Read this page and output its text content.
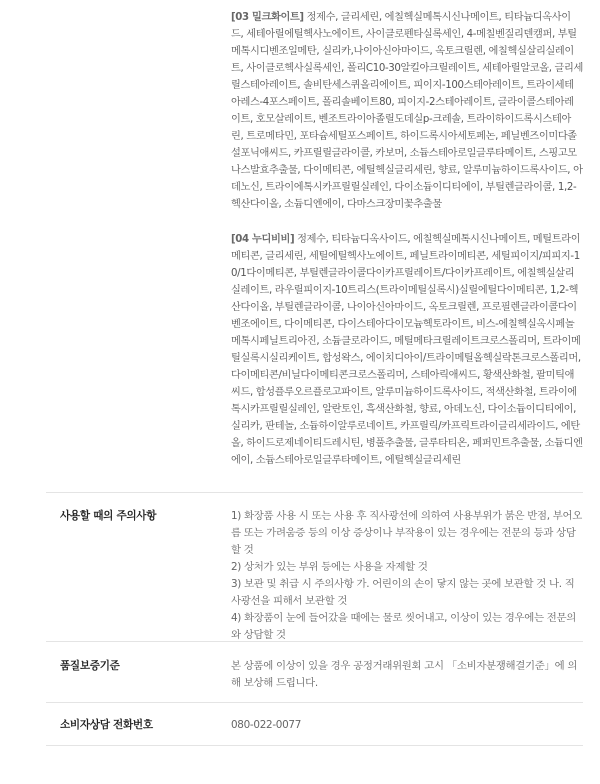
[03 밀크화이트] 정제수, 글리세린, 에칠헥실메톡시신나메이트, 티타늄디옥사이드, 세테아릴에틸헥사노에이트, 사이클로펜타실록세인, 4-메칠벤질리덴캠퍼, 부틸메톡시디벤조일메탄, 실리카,나이아신아마이드, 옥토크릴렌, 에칠헥실살리실레이트, 사이클로헥사실록세인, 폴리C10-30알킬아크릴레이트, 세테아릴알코올, 글리세릴스테아레이트, 솔비탄세스퀴올리에이트, 피이지-100스테아레이트, 트라이세테아레스-4포스페이트, 폴리솔베이트80, 피이지-2스테아레이트, 글라이콜스테아레이트, 호모살레이트, 벤조트라이아졸릴도데실p-크레솔, 트라이하이드록시스테아린, 트로메타민, 포타슘세틸포스페이트, 하이드록시아세토페논, 페닐벤즈이미다졸설포닉애씨드, 카프릴릴글라이콜, 카보머, 소듐스테아로일글루타메이트, 스핑고모나스발효추출물, 다이메티콘, 에틸헥실글리세린, 향료, 알루미늄하이드록사이드, 아데노신, 트라이에톡시카프릴릴실레인, 다이소듐이디티에이, 부틸렌글라이콜, 1,2-헥산다이올, 소듐디엔에이, 다마스크장미꽃추출물

[04 누디비비] 정제수, 티타늄디옥사이드, 에칠헥실메톡시신나메이트, 메틸트라이메티콘, 글리세린, 세틸에틸헥사노에이트, 페닐트라이메티콘, 세틸피이지/피피지-10/1다이메티콘, 부틸렌글라이콜다이카프릴레이트/다이카프레이트, 에칠헥실살리실레이트, 라우릴피이지-10트리스(트라이메틸실록시)실릴에틸다이메티콘, 1,2-헥산다이올, 부틸렌글라이콜, 나이아신아마이드, 옥토크릴렌, 프로필렌글라이콜다이벤조에이트, 다이메티콘, 다이스테아다이모늄헥토라이트, 비스-에칠헥실옥시페놀메톡시페닐트리아진, 소듐클로라이드, 메틸메타크릴레이트크로스폴리머, 트라이메틸실록시실리케이트, 합성왁스, 에이치디아이/트라이메틸올헥실락톤크로스폴리머, 다이메티콘/비닐다이메티콘크로스폴리머, 스테아릭애씨드, 황색산화철, 팔미틱애씨드, 합성플루오르플로고파이트, 알루미늄하이드록사이드, 적색산화철, 트라이에톡시카프릴릴실레인, 알란토인, 흑색산화철, 향료, 아데노신, 다이소듐이디티에이, 실리카, 판테놀, 소듐하이알루로네이트, 카프릴릭/카프릭트라이글리세라이드, 에탄올, 하이드로제네이티드레시틴, 병풀추출물, 글루타티온, 페퍼민트추출물, 소듐디엔에이, 소듐스테아로일글루타메이트, 에틸헥실글리세린

사용할 때의 주의사항	1) 화장품 사용 시 또는 사용 후 직사광선에 의하여 사용부위가 붉은 반점, 부어오름 또는 가려움증 등의 이상 증상이나 부작용이 있는 경우에는 전문의 등과 상담할 것

2) 상처가 있는 부위 등에는 사용을 자제할 것

3) 보관 및 취급 시 주의사항 가. 어린이의 손이 닿지 않는 곳에 보관할 것 나. 직사광선을 피해서 보관할 것

4) 화장품이 눈에 들어갔을 때에는 물로 씻어내고, 이상이 있는 경우에는 전문의와 상담할 것

품질보증기준	본 상품에 이상이 있을 경우 공정거래위원회 고시 「소비자분쟁해결기준」에 의해 보상해 드립니다.
소비자상담 전화번호	080-022-0077
